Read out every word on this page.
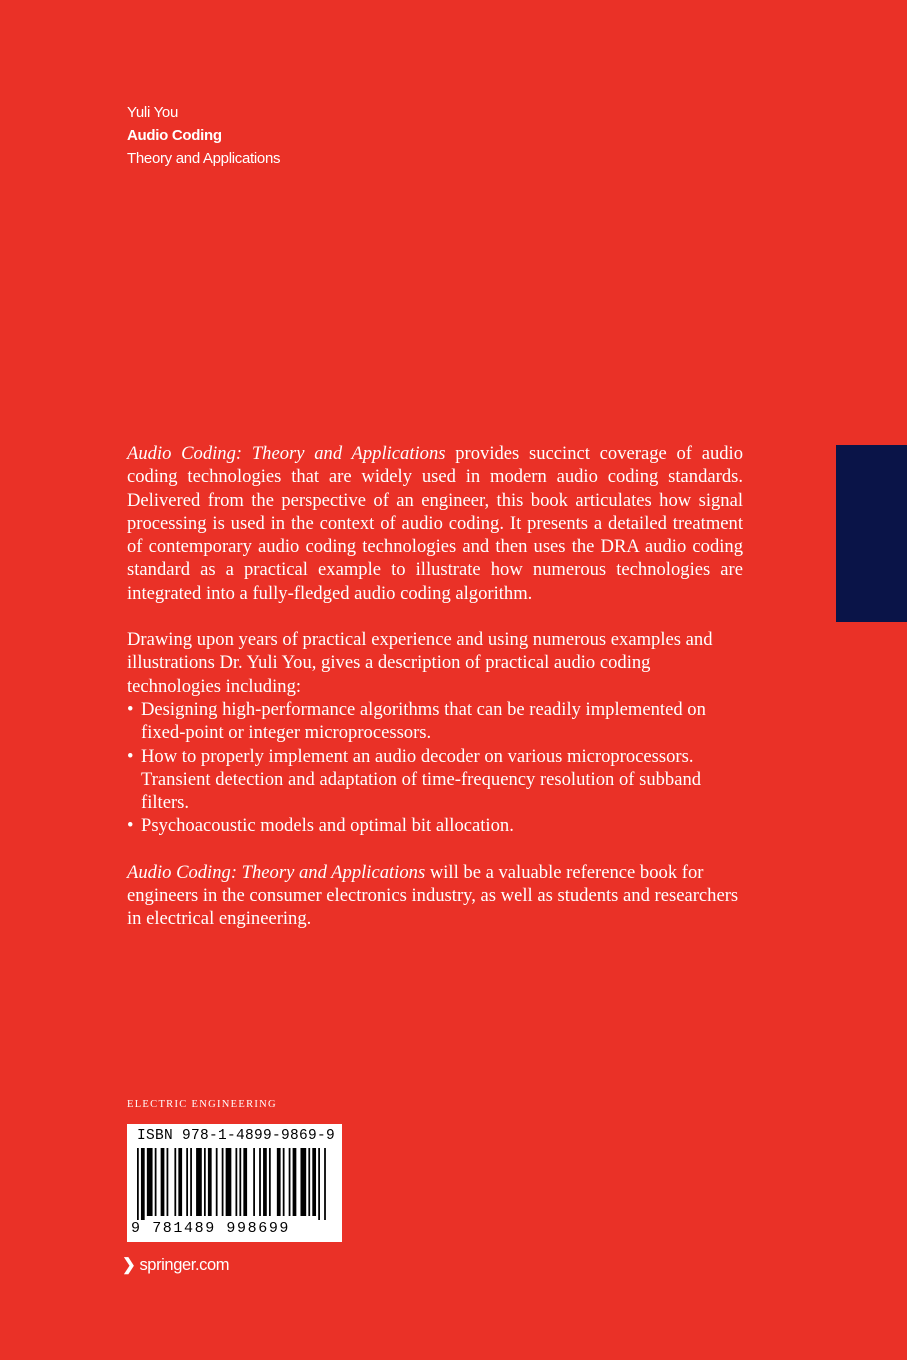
Yuli You
Audio Coding
Theory and Applications

Audio Coding: Theory and Applications provides succinct coverage of audio coding technologies that are widely used in modern audio coding standards. Delivered from the perspective of an engineer, this book articulates how signal processing is used in the context of audio coding. It presents a detailed treatment of contemporary audio coding technologies and then uses the DRA audio coding standard as a practical example to illustrate how numerous technologies are integrated into a fully-fledged audio coding algorithm.

Drawing upon years of practical experience and using numerous examples and illustrations Dr. Yuli You, gives a description of practical audio coding technologies including:

• Designing high-performance algorithms that can be readily implemented on fixed-point or integer microprocessors.
• How to properly implement an audio decoder on various microprocessors. Transient detection and adaptation of time-frequency resolution of subband filters.
• Psychoacoustic models and optimal bit allocation.

Audio Coding: Theory and Applications will be a valuable reference book for engineers in the consumer electronics industry, as well as students and researchers in electrical engineering.

ELECTRIC ENGINEERING
ISBN 978-1-4899-9869-9
9 781489 998699
❯ springer.com
